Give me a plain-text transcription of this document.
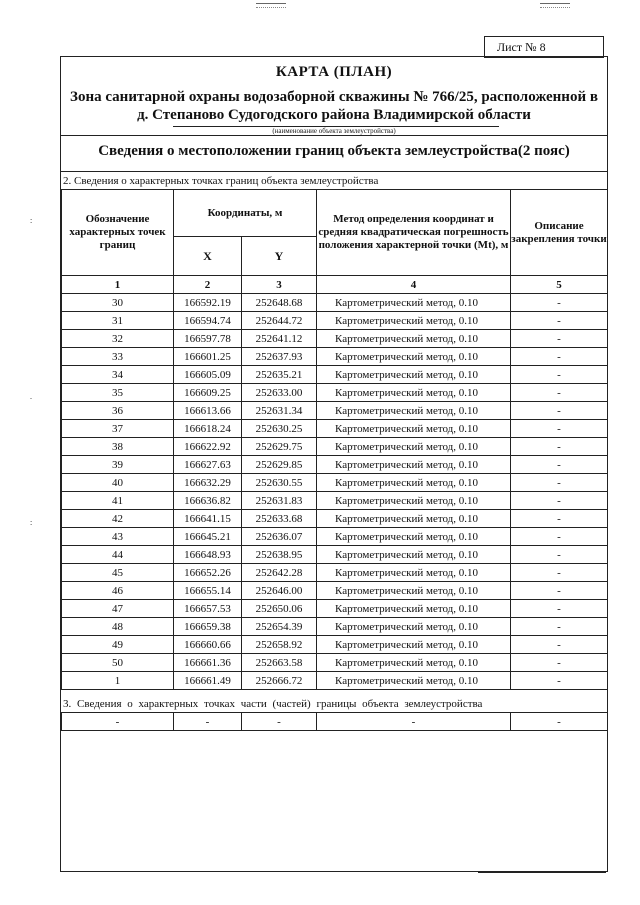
:
.
:
Лист № 8
КАРТА (ПЛАН)
Зона санитарной охраны водозаборной скважины № 766/25, расположенной в
д. Степаново Судогодского района Владимирской области
(наименование объекта землеустройства)
Сведения о местоположении границ объекта землеустройства(2 пояс)
2. Сведения о характерных точках границ объекта землеустройства
Обозначение характерных точек границ	Координаты, м		Метод определения координат и средняя квадратическая погрешность положения характерной точки (Mt), м	Описание закрепления точки
	X	Y		
1	2	3	4	5
30	166592.19	252648.68	Картометрический метод, 0.10	-
31	166594.74	252644.72	Картометрический метод, 0.10	-
32	166597.78	252641.12	Картометрический метод, 0.10	-
33	166601.25	252637.93	Картометрический метод, 0.10	-
34	166605.09	252635.21	Картометрический метод, 0.10	-
35	166609.25	252633.00	Картометрический метод, 0.10	-
36	166613.66	252631.34	Картометрический метод, 0.10	-
37	166618.24	252630.25	Картометрический метод, 0.10	-
38	166622.92	252629.75	Картометрический метод, 0.10	-
39	166627.63	252629.85	Картометрический метод, 0.10	-
40	166632.29	252630.55	Картометрический метод, 0.10	-
41	166636.82	252631.83	Картометрический метод, 0.10	-
42	166641.15	252633.68	Картометрический метод, 0.10	-
43	166645.21	252636.07	Картометрический метод, 0.10	-
44	166648.93	252638.95	Картометрический метод, 0.10	-
45	166652.26	252642.28	Картометрический метод, 0.10	-
46	166655.14	252646.00	Картометрический метод, 0.10	-
47	166657.53	252650.06	Картометрический метод, 0.10	-
48	166659.38	252654.39	Картометрический метод, 0.10	-
49	166660.66	252658.92	Картометрический метод, 0.10	-
50	166661.36	252663.58	Картометрический метод, 0.10	-
1	166661.49	252666.72	Картометрический метод, 0.10	-
3. Сведения о характерных точках части (частей) границы объекта землеустройства
-	-	-	-	-
